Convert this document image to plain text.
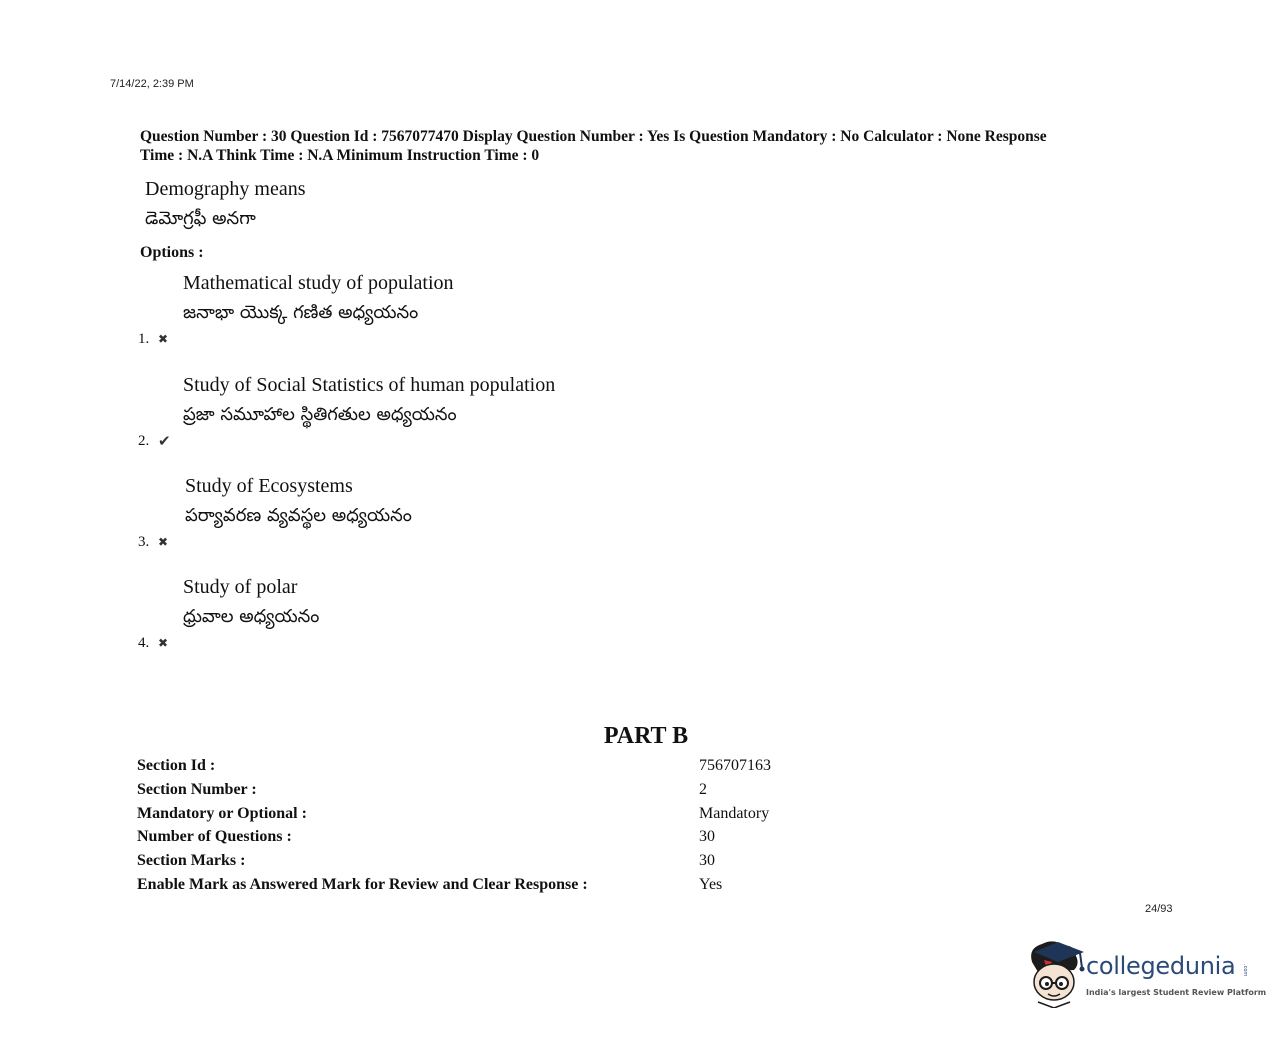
7/14/22, 2:39 PM
Question Number : 30 Question Id : 7567077470 Display Question Number : Yes Is Question Mandatory : No Calculator : None Response
Time : N.A Think Time : N.A Minimum Instruction Time : 0
Demography means
డెమోగ్రఫీ అనగా
Options :
Mathematical study of population
జనాభా యొక్క గణిత అధ్యయనం
1. ✖
Study of Social Statistics of human population
ప్రజా సమూహాల స్థితిగతుల అధ్యయనం
2. ✔
Study of Ecosystems
పర్యావరణ వ్యవస్థల అధ్యయనం
3. ✖
Study of polar
ధ్రువాల అధ్యయనం
4. ✖
PART B
Section Id :	756707163
Section Number :	2
Mandatory or Optional :	Mandatory
Number of Questions :	30
Section Marks :	30
Enable Mark as Answered Mark for Review and Clear Response :	Yes
24/93
collegedunia .com
India's largest Student Review Platform
